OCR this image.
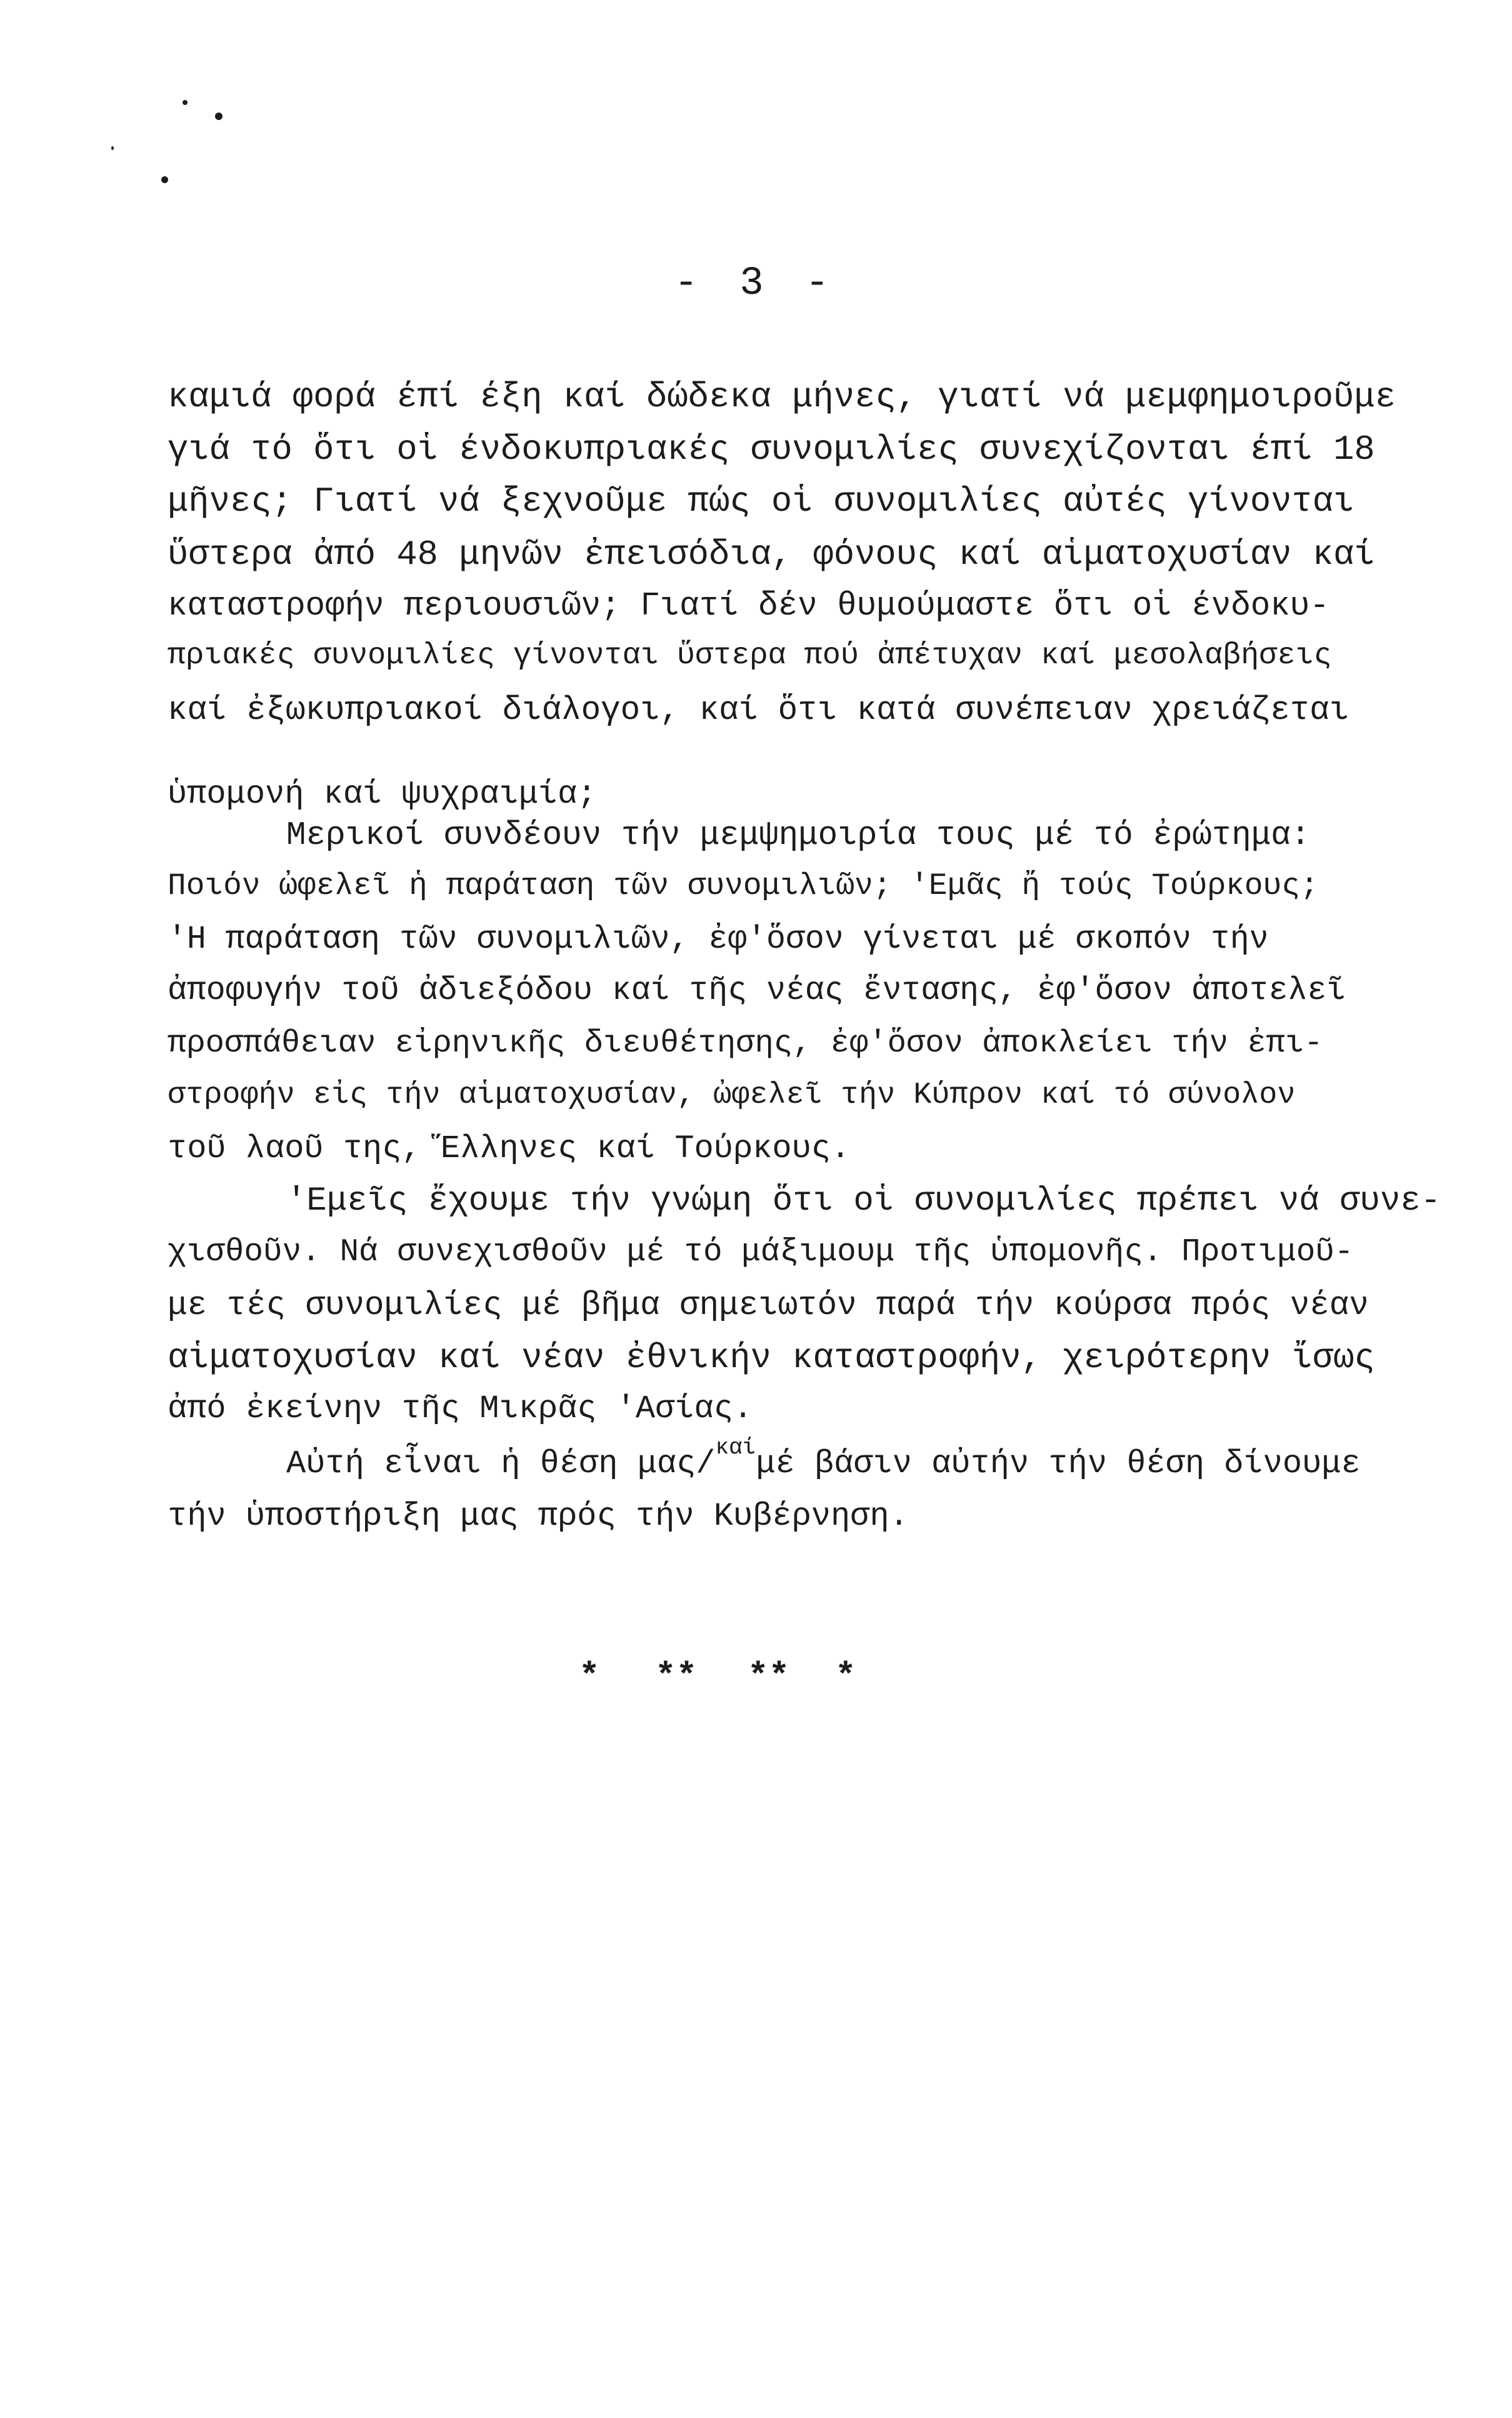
- 3 -
καμιά φορά έπί έξη καί δώδεκα μήνες, γιατί νά μεμφημοιροῦμε
γιά τό ὅτι οἱ ένδοκυπριακές συνομιλίες συνεχίζονται έπί 18
μῆνες; Γιατί νά ξεχνοῦμε πώς οἱ συνομιλίες αὐτές γίνονται
ὕστερα ἀπό 48 μηνῶν ἐπεισόδια, φόνους καί αἱματοχυσίαν καί
καταστροφήν περιουσιῶν; Γιατί δέν θυμούμαστε ὅτι οἱ ένδοκυ-
πριακές συνομιλίες γίνονται ὕστερα πού ἀπέτυχαν καί μεσολαβήσεις
καί ἐξωκυπριακοί διάλογοι, καί ὅτι κατά συνέπειαν χρειάζεται
ὑπομονή καί ψυχραιμία;
Μερικοί συνδέουν τήν μεμψημοιρία τους μέ τό ἐρώτημα:
Ποιόν ὠφελεῖ ἡ παράταση τῶν συνομιλιῶν; 'Εμᾶς ἤ τούς Τούρκους;
'Η παράταση τῶν συνομιλιῶν, ἐφ'ὅσον γίνεται μέ σκοπόν τήν
ἀποφυγήν τοῦ ἀδιεξόδου καί τῆς νέας ἔντασης, ἐφ'ὅσον ἀποτελεῖ
προσπάθειαν εἰρηνικῆς διευθέτησης, ἐφ'ὅσον ἀποκλείει τήν ἐπι-
στροφήν εἰς τήν αἱματοχυσίαν, ὠφελεῖ τήν Κύπρον καί τό σύνολον
τοῦ λαοῦ της, Ἕλληνες καί Τούρκους.
'Εμεῖς ἔχουμε τήν γνώμη ὅτι οἱ συνομιλίες πρέπει νά συνε-
χισθοῦν. Νά συνεχισθοῦν μέ τό μάξιμουμ τῆς ὑπομονῆς. Προτιμοῦ-
με τές συνομιλίες μέ βῆμα σημειωτόν παρά τήν κούρσα πρός νέαν
αἱματοχυσίαν καί νέαν ἐθνικήν καταστροφήν, χειρότερην ἴσως
ἀπό ἐκείνην τῆς Μικρᾶς 'Ασίας.
Αὐτή εἶναι ἡ θέση μας/$^{\kappa\alpha ί}$μέ βάσιν αὐτήν τήν θέση δίνουμε
τήν ὑποστήριξη μας πρός τήν Κυβέρνηση.
* ** ** *
